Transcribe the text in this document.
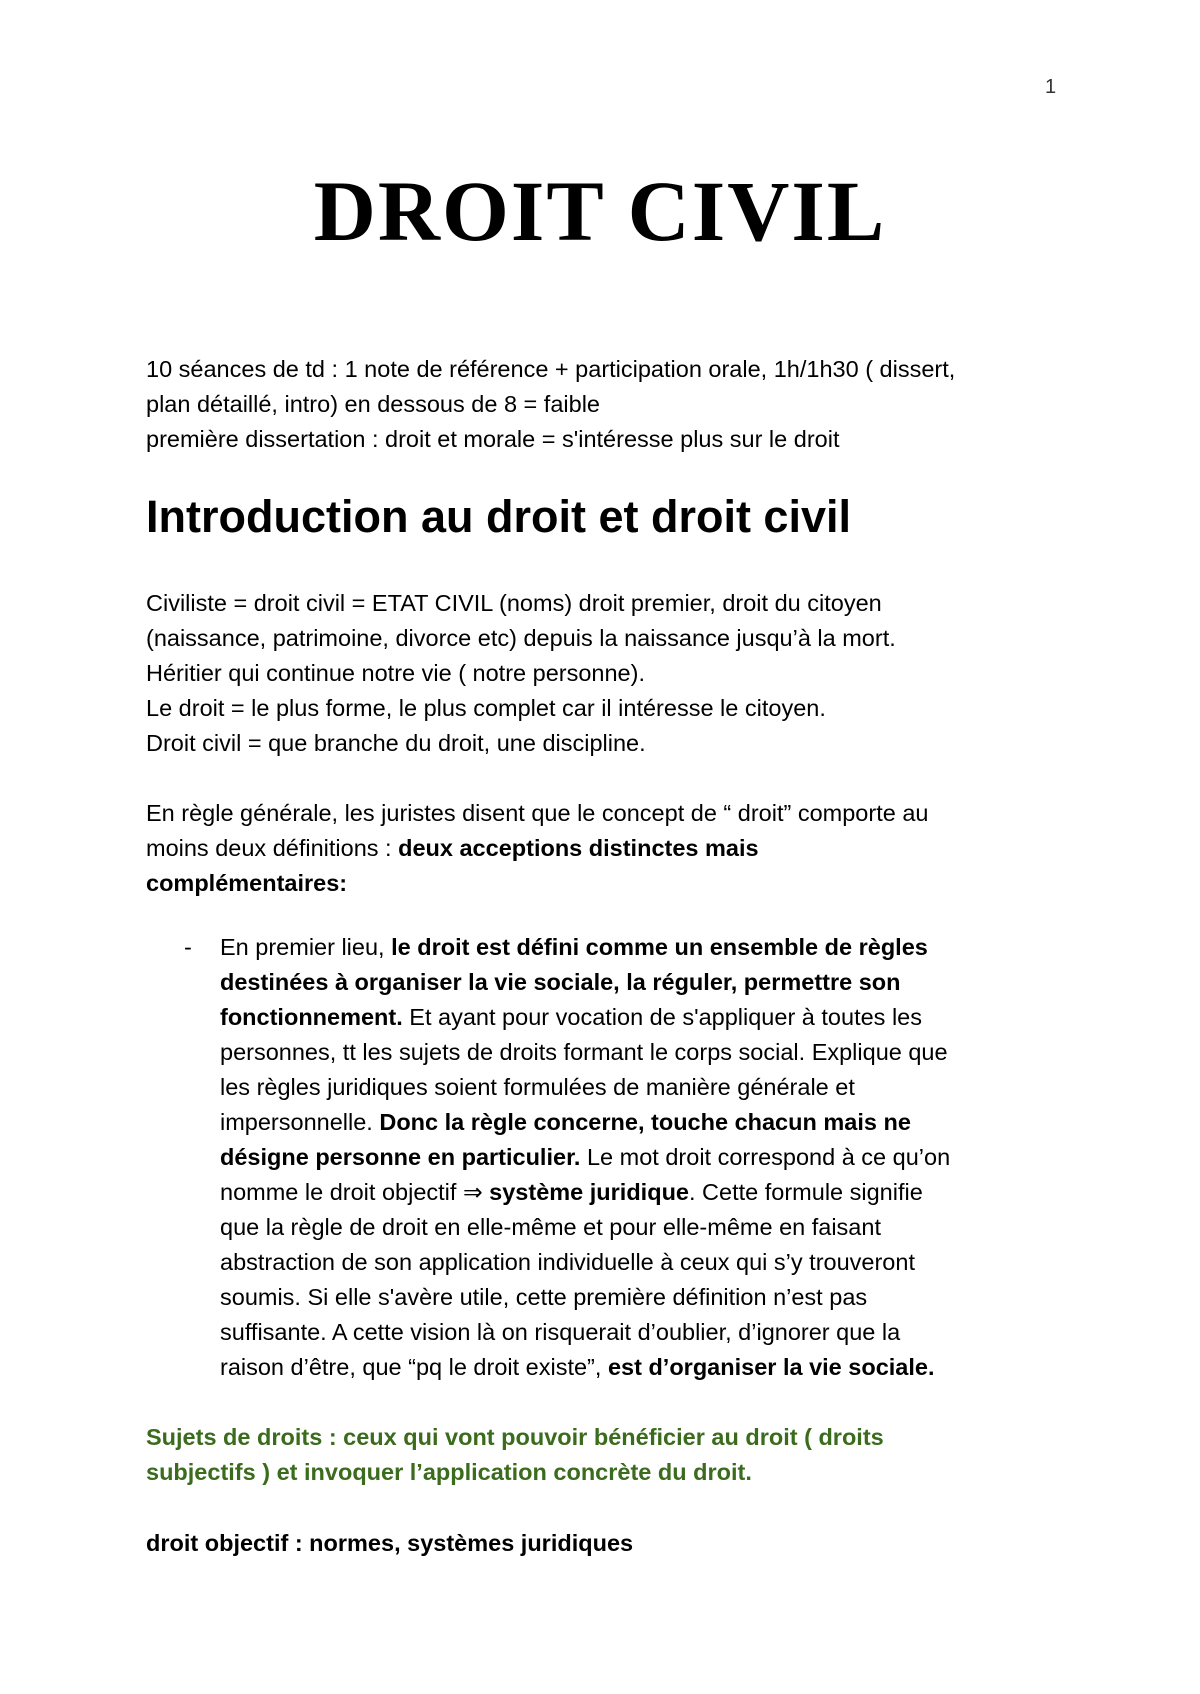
1
DROIT CIVIL
10 séances de td : 1 note de référence + participation orale, 1h/1h30 ( dissert,
plan détaillé, intro) en dessous de 8 = faible
première dissertation : droit et morale = s'intéresse plus sur le droit
Introduction au droit et droit civil
Civiliste = droit civil = ETAT CIVIL (noms) droit premier, droit du citoyen
(naissance, patrimoine, divorce etc) depuis la naissance jusqu’à la mort.
Héritier qui continue notre vie ( notre personne).
Le droit = le plus forme, le plus complet car il intéresse le citoyen.
Droit civil = que branche du droit, une discipline.
En règle générale, les juristes disent que le concept de “ droit” comporte au
moins deux définitions : deux acceptions distinctes mais
complémentaires:
- En premier lieu, le droit est défini comme un ensemble de règles
destinées à organiser la vie sociale, la réguler, permettre son
fonctionnement. Et ayant pour vocation de s'appliquer à toutes les
personnes, tt les sujets de droits formant le corps social. Explique que
les règles juridiques soient formulées de manière générale et
impersonnelle. Donc la règle concerne, touche chacun mais ne
désigne personne en particulier. Le mot droit correspond à ce qu’on
nomme le droit objectif ⇒ système juridique. Cette formule signifie
que la règle de droit en elle-même et pour elle-même en faisant
abstraction de son application individuelle à ceux qui s’y trouveront
soumis. Si elle s'avère utile, cette première définition n’est pas
suffisante. A cette vision là on risquerait d’oublier, d’ignorer que la
raison d’être, que “pq le droit existe”, est d’organiser la vie sociale.
Sujets de droits : ceux qui vont pouvoir bénéficier au droit ( droits
subjectifs ) et invoquer l’application concrète du droit.
droit objectif : normes, systèmes juridiques
